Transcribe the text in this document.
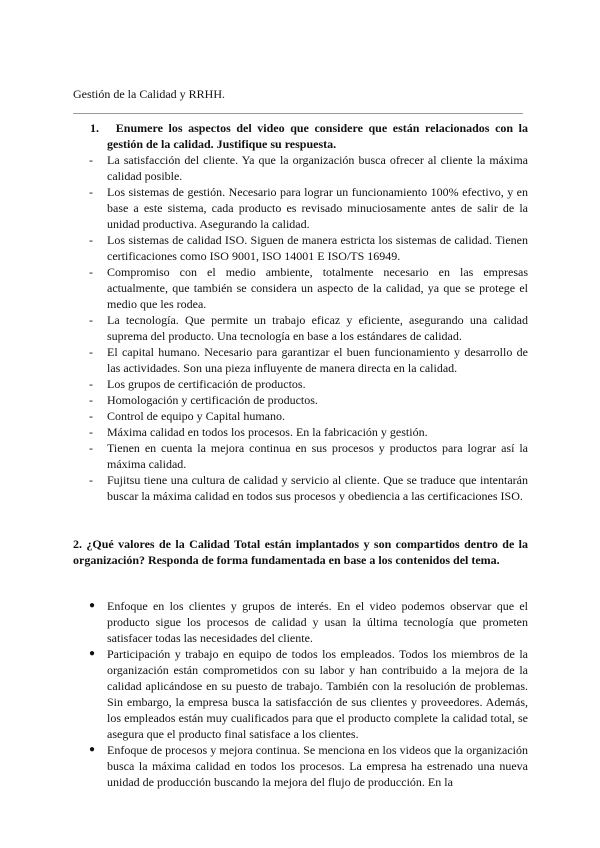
Gestión de la Calidad y RRHH.

1. Enumere los aspectos del video que considere que están relacionados con la gestión de la calidad. Justifique su respuesta.

- La satisfacción del cliente. Ya que la organización busca ofrecer al cliente la máxima calidad posible.
- Los sistemas de gestión. Necesario para lograr un funcionamiento 100% efectivo, y en base a este sistema, cada producto es revisado minuciosamente antes de salir de la unidad productiva. Asegurando la calidad.
- Los sistemas de calidad ISO. Siguen de manera estricta los sistemas de calidad. Tienen certificaciones como ISO 9001, ISO 14001 E ISO/TS 16949.
- Compromiso con el medio ambiente, totalmente necesario en las empresas actualmente, que también se considera un aspecto de la calidad, ya que se protege el medio que les rodea.
- La tecnología. Que permite un trabajo eficaz y eficiente, asegurando una calidad suprema del producto. Una tecnología en base a los estándares de calidad.
- El capital humano. Necesario para garantizar el buen funcionamiento y desarrollo de las actividades. Son una pieza influyente de manera directa en la calidad.
- Los grupos de certificación de productos.
- Homologación y certificación de productos.
- Control de equipo y Capital humano.
- Máxima calidad en todos los procesos. En la fabricación y gestión.
- Tienen en cuenta la mejora continua en sus procesos y productos para lograr así la máxima calidad.
- Fujitsu tiene una cultura de calidad y servicio al cliente. Que se traduce que intentarán buscar la máxima calidad en todos sus procesos y obediencia a las certificaciones ISO.

2. ¿Qué valores de la Calidad Total están implantados y son compartidos dentro de la organización? Responda de forma fundamentada en base a los contenidos del tema.

● Enfoque en los clientes y grupos de interés. En el video podemos observar que el producto sigue los procesos de calidad y usan la última tecnología que prometen satisfacer todas las necesidades del cliente.
● Participación y trabajo en equipo de todos los empleados. Todos los miembros de la organización están comprometidos con su labor y han contribuido a la mejora de la calidad aplicándose en su puesto de trabajo. También con la resolución de problemas. Sin embargo, la empresa busca la satisfacción de sus clientes y proveedores. Además, los empleados están muy cualificados para que el producto complete la calidad total, se asegura que el producto final satisface a los clientes.
● Enfoque de procesos y mejora continua. Se menciona en los videos que la organización busca la máxima calidad en todos los procesos. La empresa ha estrenado una nueva unidad de producción buscando la mejora del flujo de producción. En la
